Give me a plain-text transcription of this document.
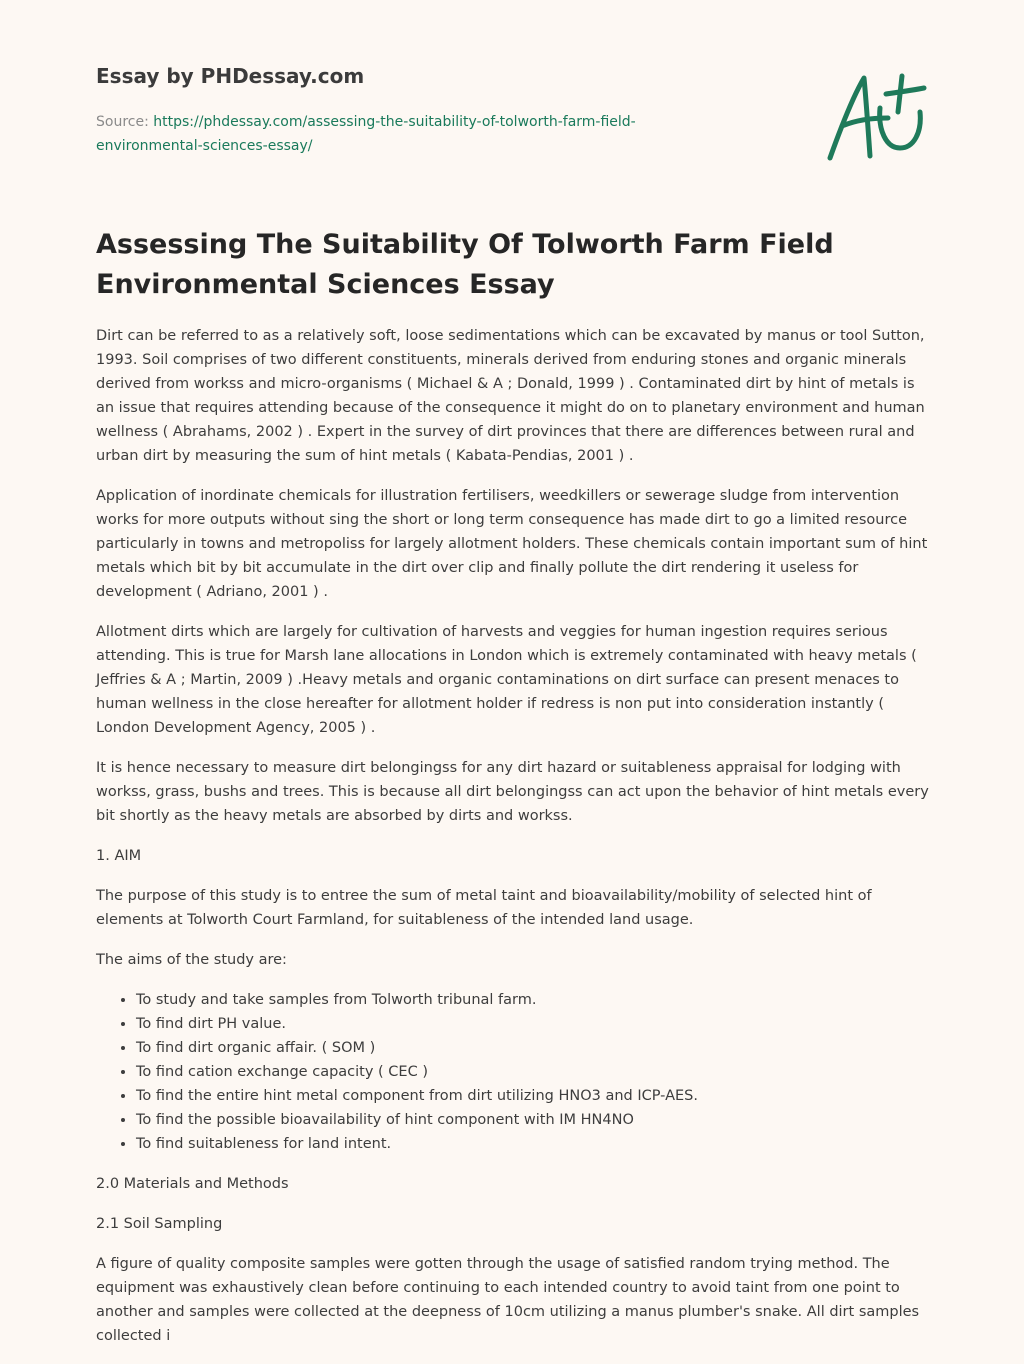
Essay by PHDessay.com
Source: https://phdessay.com/assessing-the-suitability-of-tolworth-farm-field-
environmental-sciences-essay/
Assessing The Suitability Of Tolworth Farm Field Environmental Sciences Essay

Dirt can be referred to as a relatively soft, loose sedimentations which can be excavated by manus or tool Sutton, 1993. Soil comprises of two different constituents, minerals derived from enduring stones and organic minerals derived from workss and micro-organisms ( Michael & A ; Donald, 1999 ) . Contaminated dirt by hint of metals is an issue that requires attending because of the consequence it might do on to planetary environment and human wellness ( Abrahams, 2002 ) . Expert in the survey of dirt provinces that there are differences between rural and urban dirt by measuring the sum of hint metals ( Kabata-Pendias, 2001 ) .

Application of inordinate chemicals for illustration fertilisers, weedkillers or sewerage sludge from intervention works for more outputs without sing the short or long term consequence has made dirt to go a limited resource particularly in towns and metropoliss for largely allotment holders. These chemicals contain important sum of hint metals which bit by bit accumulate in the dirt over clip and finally pollute the dirt rendering it useless for development ( Adriano, 2001 ) .

Allotment dirts which are largely for cultivation of harvests and veggies for human ingestion requires serious attending. This is true for Marsh lane allocations in London which is extremely contaminated with heavy metals ( Jeffries & A ; Martin, 2009 ) .Heavy metals and organic contaminations on dirt surface can present menaces to human wellness in the close hereafter for allotment holder if redress is non put into consideration instantly ( London Development Agency, 2005 ) .

It is hence necessary to measure dirt belongingss for any dirt hazard or suitableness appraisal for lodging with workss, grass, bushs and trees. This is because all dirt belongingss can act upon the behavior of hint metals every bit shortly as the heavy metals are absorbed by dirts and workss.

1. AIM

The purpose of this study is to entree the sum of metal taint and bioavailability/mobility of selected hint of elements at Tolworth Court Farmland, for suitableness of the intended land usage.

The aims of the study are:

• To study and take samples from Tolworth tribunal farm.
• To find dirt PH value.
• To find dirt organic affair. ( SOM )
• To find cation exchange capacity ( CEC )
• To find the entire hint metal component from dirt utilizing HNO3 and ICP-AES.
• To find the possible bioavailability of hint component with IM HN4NO
• To find suitableness for land intent.

2.0 Materials and Methods

2.1 Soil Sampling

A figure of quality composite samples were gotten through the usage of satisfied random trying method. The equipment was exhaustively clean before continuing to each intended country to avoid taint from one point to another and samples were collected at the deepness of 10cm utilizing a manus plumber's snake. All dirt samples collected i
